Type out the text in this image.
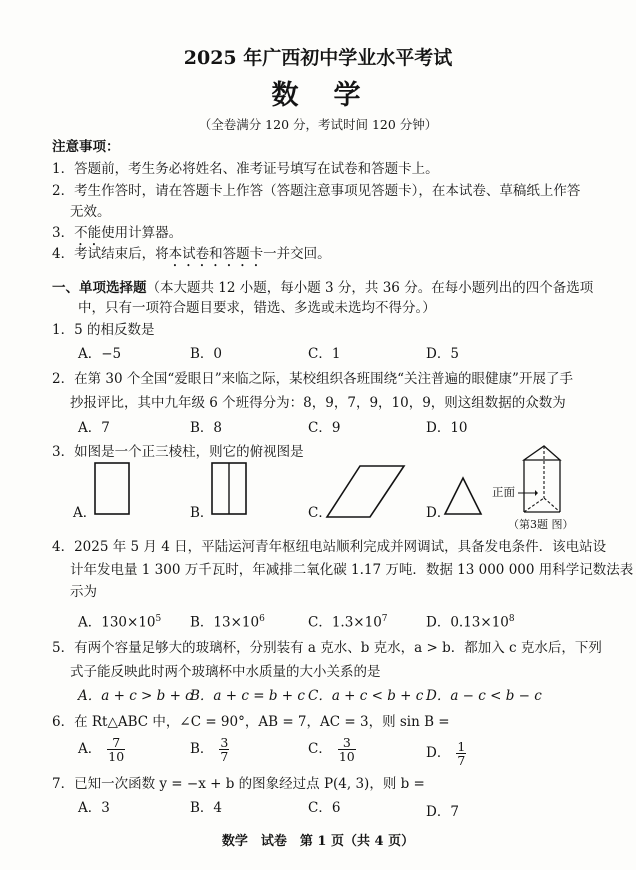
2025 年广西初中学业水平考试
数　学
（全卷满分 120 分，考试时间 120 分钟）
注意事项：
1．答题前，考生务必将姓名、准考证号填写在试卷和答题卡上。
2．考生作答时，请在答题卡上作答（答题注意事项见答题卡），在本试卷、草稿纸上作答
无效。
3．不能使用计算器。
4．考试结束后，将本试卷和答题卡一并交回。
一、单项选择题（本大题共 12 小题，每小题 3 分，共 36 分。在每小题列出的四个备选项
中，只有一项符合题目要求，错选、多选或未选均不得分。）
1．5 的相反数是
A．−5	B．0	C．1	D．5
2．在第 30 个全国“爱眼日”来临之际，某校组织各班围绕“关注普遍的眼健康”开展了手
抄报评比，其中九年级 6 个班得分为：8，9，7，9，10，9，则这组数据的众数为
A．7	B．8	C．9	D．10
3．如图是一个正三棱柱，则它的俯视图是
A．	B．	C．	D．
正面
（第3题 图）
4．2025 年 5 月 4 日，平陆运河青年枢纽电站顺利完成并网调试，具备发电条件．该电站设
计年发电量 1 300 万千瓦时，年减排二氧化碳 1.17 万吨．数据 13 000 000 用科学记数法表
示为
A．$130\times 10^5$ B．$13\times 10^6$	C．$1.3\times 10^7$	D．$0.13\times 10^8$
5．有两个容量足够大的玻璃杯，分别装有 a 克水、b 克水，a > b．都加入 c 克水后，下列
式子能反映此时两个玻璃杯中水质量的大小关系的是
A．a + c > b + c
B．a + c = b + c C．a + c < b + c D．a − c < b − c
6．在 Rt△ABC 中，∠C = 90°，AB = 7，AC = 3，则 sin B =
A． $\frac{7}{10}$	B． $\frac{3}{7}$	C． $\frac{3}{10}$	D． $\frac{1}{7}$
7．已知一次函数 y = −x + b 的图象经过点 P(4, 3)，则 b =
A．3	B．4	C．6	D．7
数学　试卷　第 1 页（共 4 页）
